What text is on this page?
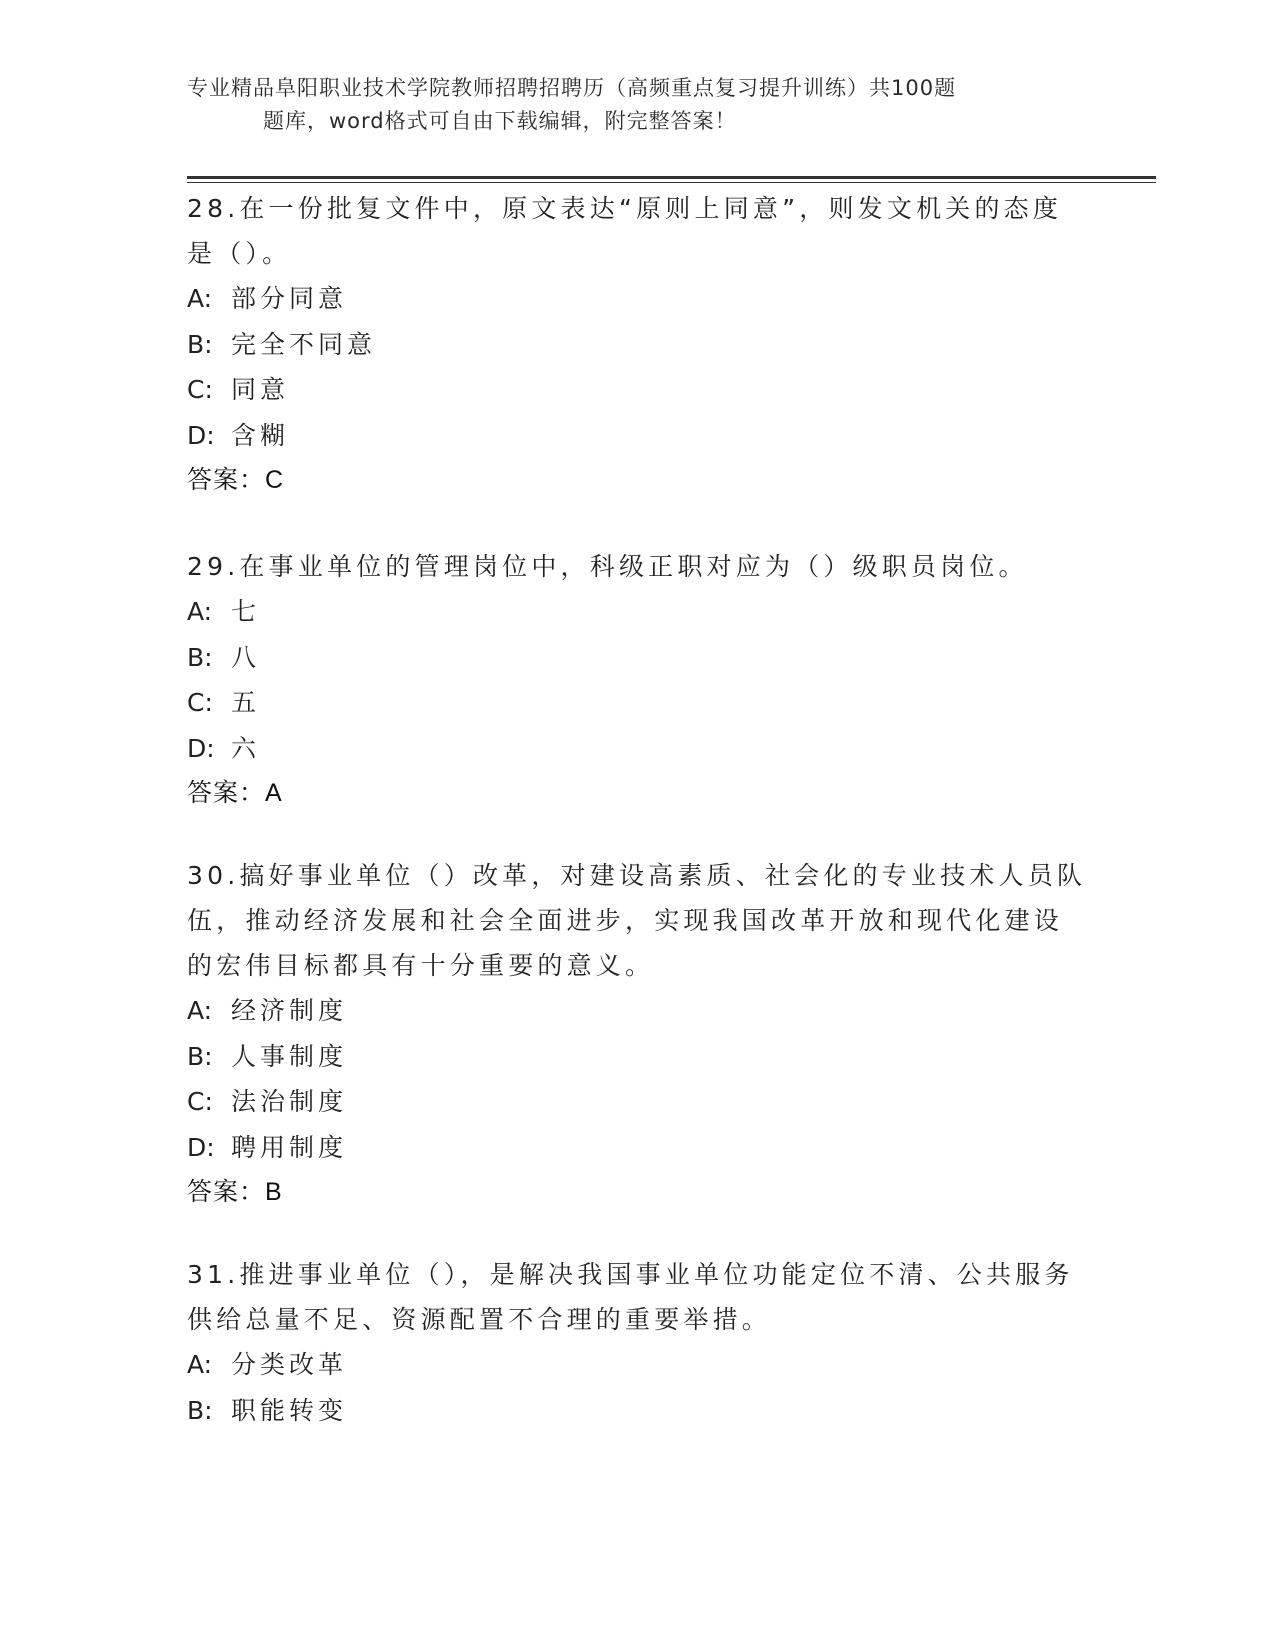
专业精品阜阳职业技术学院教师招聘招聘历（高频重点复习提升训练）共100题
题库，word格式可自由下载编辑，附完整答案！

28.在一份批复文件中，原文表达“原则上同意”，则发文机关的态度是（）。

A: 部分同意
B: 完全不同意
C: 同意
D: 含糊
答案：C

29.在事业单位的管理岗位中，科级正职对应为（）级职员岗位。

A: 七
B: 八
C: 五
D: 六
答案：A

30.搞好事业单位（）改革，对建设高素质、社会化的专业技术人员队伍，推动经济发展和社会全面进步，实现我国改革开放和现代化建设的宏伟目标都具有十分重要的意义。

A: 经济制度
B: 人事制度
C: 法治制度
D: 聘用制度
答案：B

31.推进事业单位（），是解决我国事业单位功能定位不清、公共服务供给总量不足、资源配置不合理的重要举措。

A: 分类改革
B: 职能转变
